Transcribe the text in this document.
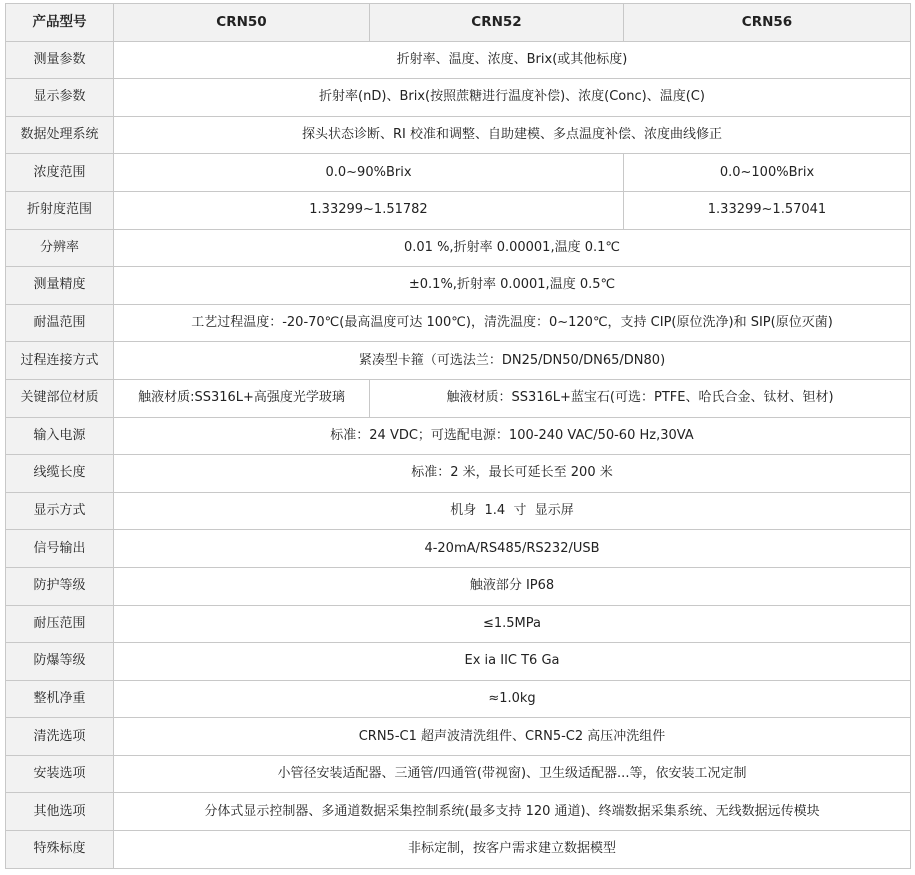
产品型号	CRN50	CRN52	CRN56
测量参数	折射率、温度、浓度、Brix(或其他标度)		
显示参数	折射率(nD)、Brix(按照蔗糖进行温度补偿)、浓度(Conc)、温度(C)		
数据处理系统	探头状态诊断、RI 校准和调整、自助建模、多点温度补偿、浓度曲线修正		
浓度范围	0.0~90%Brix		0.0~100%Brix
折射度范围	1.33299~1.51782		1.33299~1.57041
分辨率	0.01 %,折射率 0.00001,温度 0.1℃		
测量精度	±0.1%,折射率 0.0001,温度 0.5℃		
耐温范围	工艺过程温度：-20-70℃(最高温度可达 100℃)，清洗温度：0~120℃，支持 CIP(原位洗净)和 SIP(原位灭菌)		
过程连接方式	紧凑型卡箍（可选法兰：DN25/DN50/DN65/DN80)		
关键部位材质	触液材质:SS316L+高强度光学玻璃	触液材质：SS316L+蓝宝石(可选：PTFE、哈氏合金、钛材、钽材)	
输入电源	标准：24 VDC；可选配电源：100-240 VAC/50-60 Hz,30VA		
线缆长度	标准：2 米，最长可延长至 200 米		
显示方式	机身  1.4  寸  显示屏		
信号输出	4-20mA/RS485/RS232/USB		
防护等级	触液部分 IP68		
耐压范围	≤1.5MPa		
防爆等级	Ex ia IIC T6 Ga		
整机净重	≈1.0kg		
清洗选项	CRN5-C1 超声波清洗组件、CRN5-C2 高压冲洗组件		
安装选项	小管径安装适配器、三通管/四通管(带视窗)、卫生级适配器...等，依安装工况定制		
其他选项	分体式显示控制器、多通道数据采集控制系统(最多支持 120 通道)、终端数据采集系统、无线数据远传模块		
特殊标度	非标定制，按客户需求建立数据模型		
